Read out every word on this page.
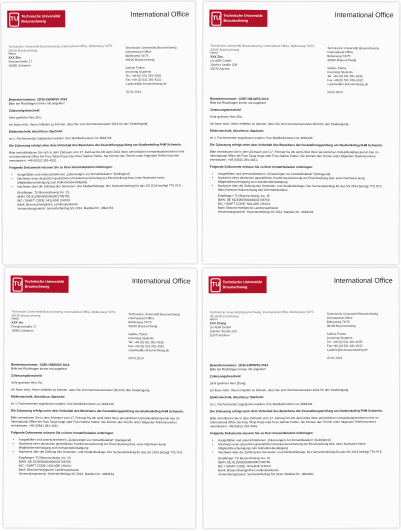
TU Technische Universität Braunschweig
International Office
Technische Universität Braunschweig, International Office, Bültenweg 74/75, 38106 Braunschweig
Herrn
XXX Zhu
Sonnenstraße 17
18055 Schwerin
Technische Universität Braunschweig
International Office
Bültenweg 74/75
38106 Braunschweig

Sabine Palme
Incoming Students
Tel. +49 (0) 531 391-4335
Fax +49 (0) 531 391-4332
s.palme@tu-braunschweig.de
20.01.2014
Bewerbernummer: 13/35-15806/SS 2014
Bitte bei Rückfragen immer mit angeben!
Zulassungsbescheid
Sehr geehrter Herr Zhu,
ich freue mich, Ihnen mitteilen zu können, dass Sie zum Sommersemester 2014 für den Studiengang
Elektrotechnik, Abschluss: Bachelor
im 1. Fachsemester zugelassen wurden. Ihre Matrikelnummer ist: 4664744
Die Zulassung erfolgt unter dem Vorbehalt des Bestehens der Feststellungsprüfung am Studienkolleg FHM Schwerin.
Bitte immatrikulieren Sie sich in dem Zeitraum vom 17. Februar bis 08. April 2014 Ihren persönlichen Immatrikulationstermin hier im International Office bei Frau Tanja Kopp oder Frau Sabine Palme. Sie können den Termin unter folgender Telefonnummer vereinbaren: +49 (0)531 391-4331.
Folgende Dokumente müssen Sie zu Ihrer Immatrikulation mitbringen:
• Ausgefüllten und unterschriebenen „Zulassungen zur Immatrikulation“ (beiliegend)
• Nachweis einer deutschen gesetzlichen Krankenversicherung zur Einschreibung bzw. einer Nachweis keine Mitgliedsbescheinigung zum Aufnahmebestätigung
• Nachweis über die Zahlung des Semester- und Studienbeitrags. Der Semesterbeitrag für das SS 2014 beträgt 770,70 €
Empfänger: TU Braunschweig, Ko. 15
IBAN: DE 8125050000000001706750
BIC / SWIFT CODE: NOLADE 2HXXX
Bank: Braunschweigische Landessparkasse
Verwendungszweck: Semesterbeitrag SS 2014, Matrikel Nr.: 4664744
TU Technische Universität Braunschweig
International Office
Technische Universität Braunschweig, International Office, Bültenweg 74/75, 38106 Braunschweig
Herrn
XXX Zhu
c/o ADR GmbH
Jülicher Straße 209
52070 Aachen
Technische Universität Braunschweig
International Office
Bültenweg 74/75
38106 Braunschweig

Sabine Palme
Incoming Students
Tel. +49 (0) 531 391-4335
Fax +49 (0) 531 391-4332
s.palme@tu-braunschweig.de
20.01.2014
Bewerbernummer: 13/35-15810/SS 2014
Bitte bei Rückfragen immer mit angeben!
Zulassungsbescheid
Sehr geehrter Herr Zhu,
ich freue mich, Ihnen mitteilen zu können, dass Sie zum Sommersemester 2014 für den Studiengang
Elektrotechnik, Abschluss: Bachelor
im 1. Fachsemester zugelassen wurden. Ihre Matrikelnummer ist: 4664133
Die Zulassung erfolgt unter dem Vorbehalt des Bestehens der Feststellungsprüfung am Studienkolleg FHM Schwerin.
Bitte vereinbaren Sie in dem Zeitraum vom 17. Februar bis 08. April 2014 Ihren persönlichen Immatrikulationstermin hier im International Office bei Frau Tanja Kopp oder Frau Sabine Palme. Sie können den Termin unter folgender Telefonnummer vereinbaren: +49 (0)531 391-4331.
Folgende Dokumente müssen Sie zu Ihrer Immatrikulation mitbringen:
• Ausgefüllten und unterschriebenen „Zulassungen zur Immatrikulation“ (beiliegend)
• Nachweis einer deutschen gesetzlichen Krankenversicherung zur Einschreibung bzw. einer Nachweis keine Mitgliedsbescheinigung zum Aufnahmebestätigung
• Nachweis über die Zahlung des Semester- und Studienbeitrags. Der Semesterbeitrag für das SS 2014 beträgt 770,70 € https://www.tu-braunschweig.de/i-o/immatrikulation
Empfänger: TU Braunschweig, Ko. 15
IBAN: DE 8125050000000001706750
BIC / SWIFT CODE: NOLADE 2HXXX
Bank: Braunschweigische Landessparkasse
Verwendungszweck: Semesterbeitrag SS 2014, Matrikel Nr.: 4664133
TU Technische Universität Braunschweig
International Office
Technische Universität Braunschweig, International Office, Bültenweg 74/75, 38106 Braunschweig
Herrn
XXX Yin
Friedensstraße 17
19055 Schwerin
Technische Universität Braunschweig
International Office
Bültenweg 74/75
38106 Braunschweig

Sabine Palme
Incoming Students
Tel. +49 (0) 531 391-4335
Fax +49 (0) 531 391-4332
s.palme@tu-braunschweig.de
20.01.2014
Bewerbernummer: 13/35-15808/SS 2014
Bitte bei Rückfragen immer mit angeben!
Zulassungsbescheid
Sehr geehrter Herr Yin,
ich freue mich, Ihnen mitteilen zu können, dass Sie zum Sommersemester 2014 für den Studiengang
Elektrotechnik, Abschluss: Bachelor
im 1. Fachsemester zugelassen wurden. Ihre Matrikelnummer ist: 4664143
Die Zulassung erfolgt unter dem Vorbehalt des Bestehens der Feststellungsprüfung am Studienkolleg FHM Schwerin.
Bitte vereinbaren Sie in dem Zeitraum vom 17. Februar bis 08. April 2014 Ihren persönlichen Immatrikulationstermin hier im International Office bei Frau Tanja Kopp oder Frau Sabine Palme. Sie können den Termin unter folgender Telefonnummer vereinbaren: +49 (0)531 391-4331.
Folgende Dokumente müssen Sie zu Ihrer Immatrikulation mitbringen:
• Ausgefüllten und unterschriebenen „Zulassungen zur Immatrikulation“ (beiliegend)
• Nachweis einer deutschen gesetzlichen Krankenversicherung zur Einschreibung bzw. einer Nachweis keine Mitgliedsbescheinigung zum Aufnahmebestätigung
• Nachweis über die Zahlung des Semester- und Studienbeitrags. Der Semesterbeitrag für das SS 2014 beträgt 770,70 €
Empfänger: TU Braunschweig, Ko. 15
IBAN: DE 8125050000000001706750
BIC / SWIFT CODE: NOLADE 2HXXX
Bank: Braunschweigische Landessparkasse
Verwendungszweck: Semesterbeitrag SS 2014, Matrikel Nr.: 4664143
TU Technische Universität Braunschweig
International Office
Technische Universität Braunschweig, International Office, Bültenweg 74/75, 38106 Braunschweig
Herrn
XXX Zhang
c/o ADR GmbH
Jülicher Straße 209
52070 Aachen
Technische Universität Braunschweig
International Office
Bültenweg 74/75
38106 Braunschweig

Sabine Palme
Incoming Students
Tel. +49 (0) 531 391-4335
Fax +49 (0) 531 391-4332
s.palme@tu-braunschweig.de
20.01.2014
Bewerbernummer: 13/35-15809/SS 2014
Bitte bei Rückfragen immer mit angeben!
Zulassungsbescheid
Sehr geehrter Herr Zhang,
ich freue mich, Ihnen mitteilen zu können, dass Sie zum Sommersemester 2014 für den Studiengang
Elektrotechnik, Abschluss: Bachelor
im 1. Fachsemester zugelassen wurden. Ihre Matrikelnummer ist: 4664161
Die Zulassung erfolgt unter dem Vorbehalt des Bestehens der Feststellungsprüfung am Studienkolleg FHM Schwerin.
Bitte vereinbaren Sie in dem Zeitraum vom 17. Februar bis 08. April 2014 Ihren persönlichen Immatrikulationstermin hier im International Office bei Frau Tanja Kopp oder Frau Sabine Palme. Sie können den Termin unter folgender Telefonnummer vereinbaren: +49 (0)531 391-4331.
Folgende Dokumente müssen Sie zu Ihrer Immatrikulation mitbringen:
• Ausgefüllten und unterschriebenen „Zulassungen zur Immatrikulation“ (beiliegend)
• Nachweis einer deutschen gesetzlichen Krankenversicherung zur Einschreibung bzw. einer Nachweis keine Mitgliedsbescheinigung zum Aufnahmebestätigung
• Nachweis über die Zahlung des Semester- und Studienbeitrags. Der Semesterbeitrag für das SS 2014 beträgt 770,70 €
Empfänger: TU Braunschweig, Ko. 15
IBAN: DE 8125050000000001706750
BIC / SWIFT CODE: NOLADE 2HXXX
Bank: Braunschweigische Landessparkasse
Verwendungszweck: Semesterbeitrag SS 2014, Matrikel Nr.: 4664161
